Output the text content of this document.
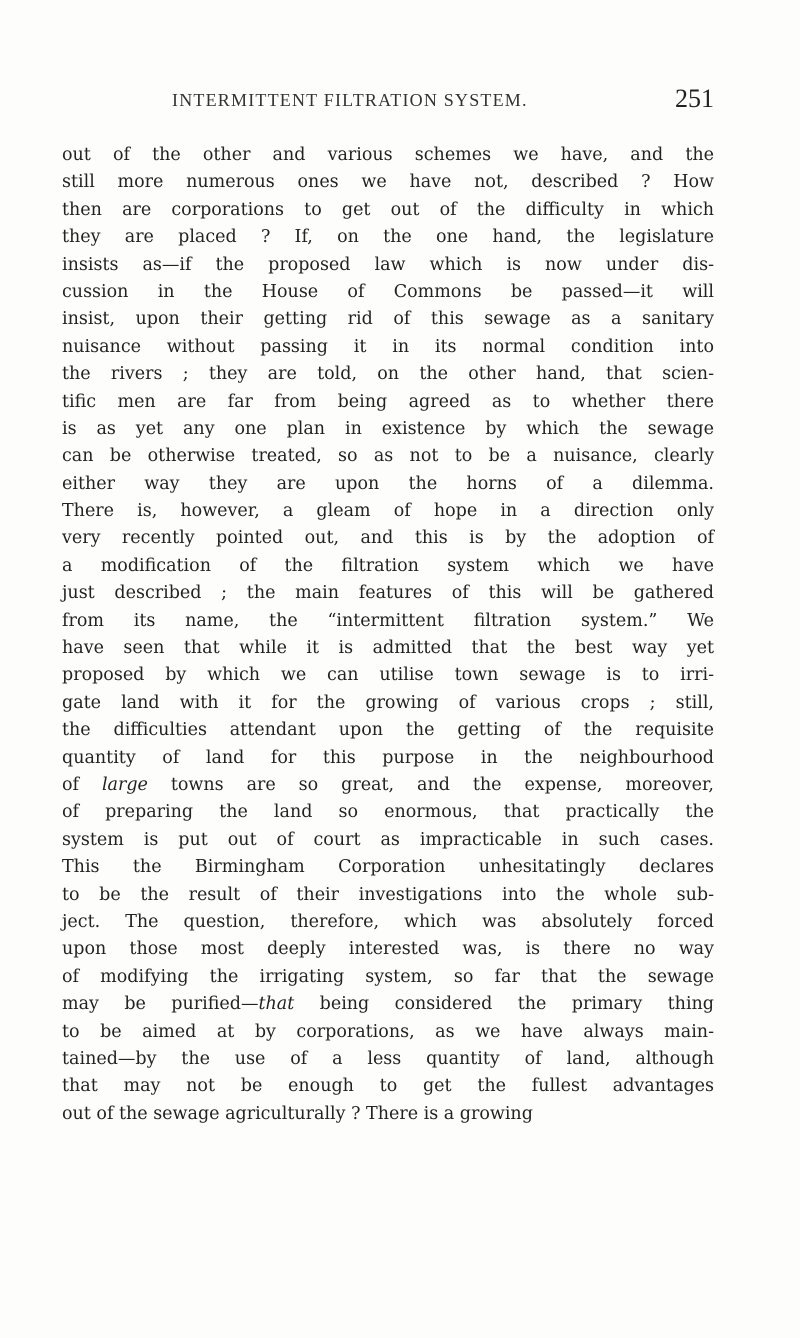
INTERMITTENT FILTRATION SYSTEM.	251
out of the other and various schemes we have, and the
still more numerous ones we have not, described ? How
then are corporations to get out of the difficulty in which
they are placed ? If, on the one hand, the legislature
insists as—if the proposed law which is now under dis-
cussion in the House of Commons be passed—it will
insist, upon their getting rid of this sewage as a sanitary
nuisance without passing it in its normal condition into
the rivers ; they are told, on the other hand, that scien-
tific men are far from being agreed as to whether there
is as yet any one plan in existence by which the sewage
can be otherwise treated, so as not to be a nuisance, clearly
either way they are upon the horns of a dilemma.
There is, however, a gleam of hope in a direction only
very recently pointed out, and this is by the adoption of
a modification of the filtration system which we have
just described ; the main features of this will be gathered
from its name, the “intermittent filtration system.” We
have seen that while it is admitted that the best way yet
proposed by which we can utilise town sewage is to irri-
gate land with it for the growing of various crops ; still,
the difficulties attendant upon the getting of the requisite
quantity of land for this purpose in the neighbourhood
of large towns are so great, and the expense, moreover,
of preparing the land so enormous, that practically the
system is put out of court as impracticable in such cases.
This the Birmingham Corporation unhesitatingly declares
to be the result of their investigations into the whole sub-
ject. The question, therefore, which was absolutely forced
upon those most deeply interested was, is there no way
of modifying the irrigating system, so far that the sewage
may be purified—that being considered the primary thing
to be aimed at by corporations, as we have always main-
tained—by the use of a less quantity of land, although
that may not be enough to get the fullest advantages
out of the sewage agriculturally ? There is a growing
